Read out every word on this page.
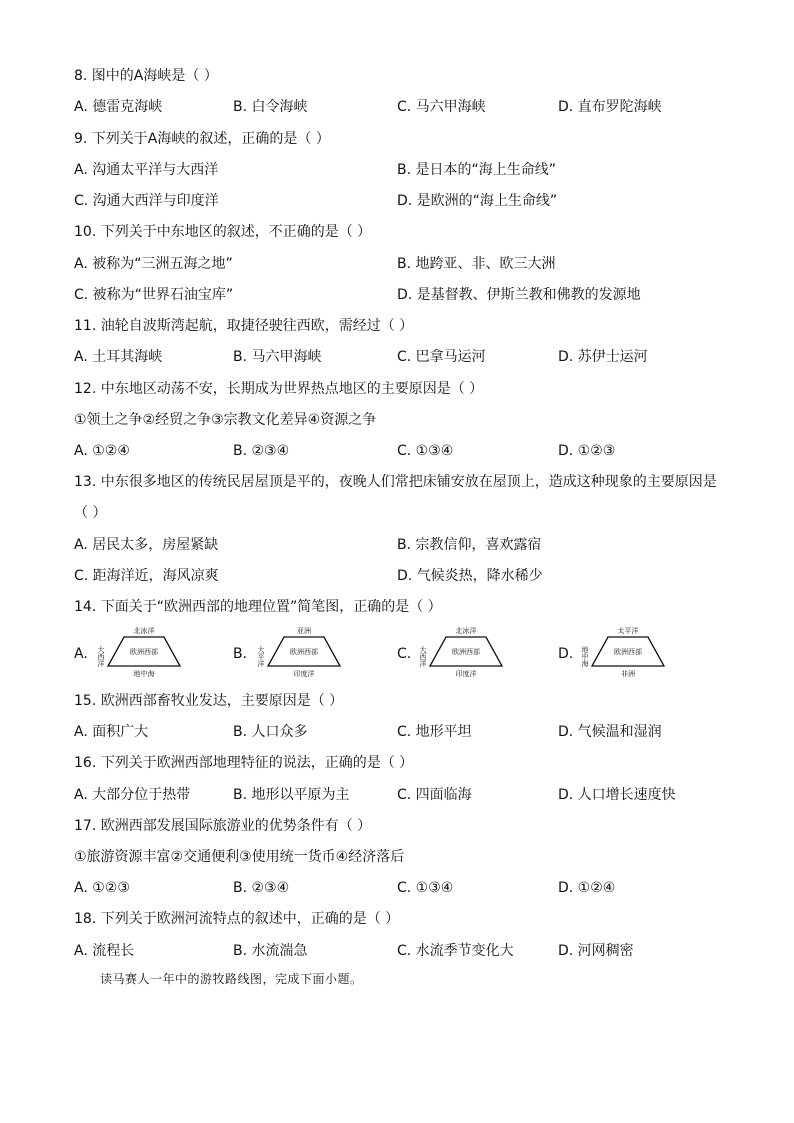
8. 图中的A海峡是（ ）
A. 德雷克海峡	B. 白令海峡	C. 马六甲海峡	D. 直布罗陀海峡
9. 下列关于A海峡的叙述，正确的是（ ）
A. 沟通太平洋与大西洋	B. 是日本的“海上生命线”
C. 沟通大西洋与印度洋	D. 是欧洲的“海上生命线”
10. 下列关于中东地区的叙述，不正确的是（ ）
A. 被称为“三洲五海之地”	B. 地跨亚、非、欧三大洲
C. 被称为“世界石油宝库”	D. 是基督教、伊斯兰教和佛教的发源地
11. 油轮自波斯湾起航，取捷径驶往西欧，需经过（ ）
A. 土耳其海峡	B. 马六甲海峡	C. 巴拿马运河	D. 苏伊士运河
12. 中东地区动荡不安，长期成为世界热点地区的主要原因是（ ）
①领土之争②经贸之争③宗教文化差异④资源之争
A. ①②④	B. ②③④	C. ①③④	D. ①②③
13. 中东很多地区的传统民居屋顶是平的，夜晚人们常把床铺安放在屋顶上，造成这种现象的主要原因是
（ ）
A. 居民太多，房屋紧缺	B. 宗教信仰，喜欢露宿
C. 距海洋近，海风凉爽	D. 气候炎热，降水稀少
14. 下面关于“欧洲西部的地理位置”简笔图，正确的是（ ）
A.	B.	C.	D.
北冰洋
欧洲西部
地中海
大西洋
亚洲
欧洲西部
印度洋
大平洋
北冰洋
欧洲西部
印度洋
大西洋
太平洋
欧洲西部
非洲
地中海
15. 欧洲西部畜牧业发达，主要原因是（ ）
A. 面积广大	B. 人口众多	C. 地形平坦	D. 气候温和湿润
16. 下列关于欧洲西部地理特征的说法，正确的是（ ）
A. 大部分位于热带	B. 地形以平原为主	C. 四面临海	D. 人口增长速度快
17. 欧洲西部发展国际旅游业的优势条件有（ ）
①旅游资源丰富②交通便利③使用统一货币④经济落后
A. ①②③	B. ②③④	C. ①③④	D. ①②④
18. 下列关于欧洲河流特点的叙述中，正确的是（ ）
A. 流程长	B. 水流湍急	C. 水流季节变化大	D. 河网稠密
读马赛人一年中的游牧路线图，完成下面小题。
